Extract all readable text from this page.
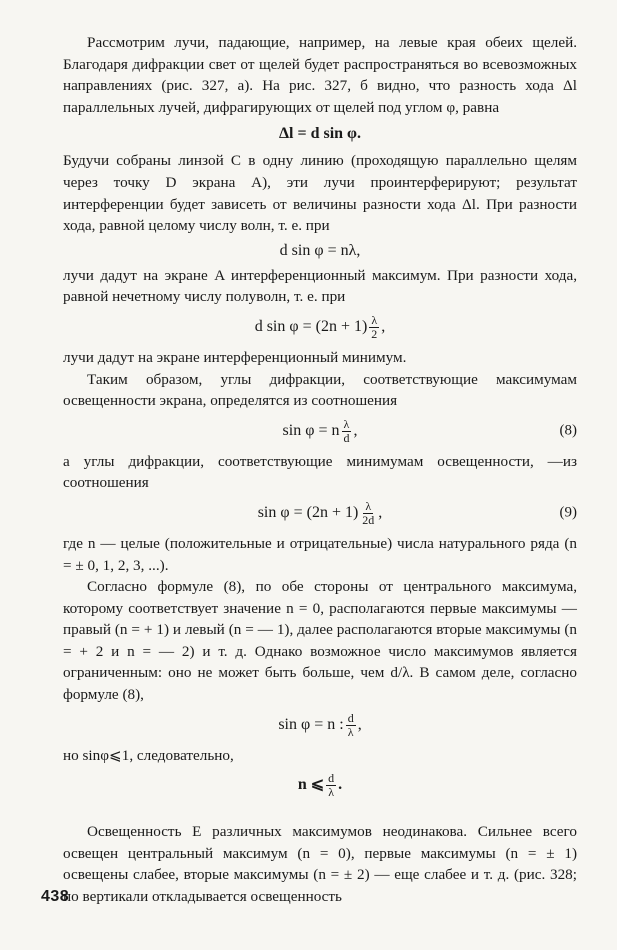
Рассмотрим лучи, падающие, например, на левые края обеих щелей. Благодаря дифракции свет от щелей будет распространяться во всевозможных направлениях (рис. 327, а). На рис. 327, б видно, что разность хода Δl параллельных лучей, дифрагирующих от щелей под углом φ, равна

Δl = d sin φ.

Будучи собраны линзой C в одну линию (проходящую параллельно щелям через точку D экрана A), эти лучи проинтерферируют; результат интерференции будет зависеть от величины разности хода Δl. При разности хода, равной целому числу волн, т. е. при

d sin φ = nλ,

лучи дадут на экране A интерференционный максимум. При разности хода, равной нечетному числу полуволн, т. е. при

d $\sin \varphi = (2n + 1) \frac{\lambda}{2}$ ,

лучи дадут на экране интерференционный минимум.

Таким образом, углы дифракции, соответствующие максимумам освещенности экрана, определятся из соотношения

sin φ = n $\frac{\lambda}{d}$ ,	(8)

а углы дифракции, соответствующие минимумам освещенности, —из соотношения

$\sin \varphi = (2n + 1) \frac{\lambda}{2d}$ ,	(9)

где n — целые (положительные и отрицательные) числа натурального ряда (n = ± 0, 1, 2, 3, ...).

Согласно формуле (8), по обе стороны от центрального максимума, которому соответствует значение n = 0, располагаются первые максимумы — правый (n = + 1) и левый (n = — 1), далее располагаются вторые максимумы (n = + 2 и n = — 2) и т. д. Однако возможное число максимумов является ограниченным: оно не может быть больше, чем d/λ. В самом деле, согласно формуле (8),

sin φ = n : $\frac{d}{\lambda}$ ,

но sinφ⩽1, следовательно,

n ⩽ $\frac{d}{\lambda}$ .

Освещенность E различных максимумов неодинакова. Сильнее всего освещен центральный максимум (n = 0), первые максимумы (n = ± 1) освещены слабее, вторые максимумы (n = ± 2) — еще слабее и т. д. (рис. 328; по вертикали откладывается освещенность

438
